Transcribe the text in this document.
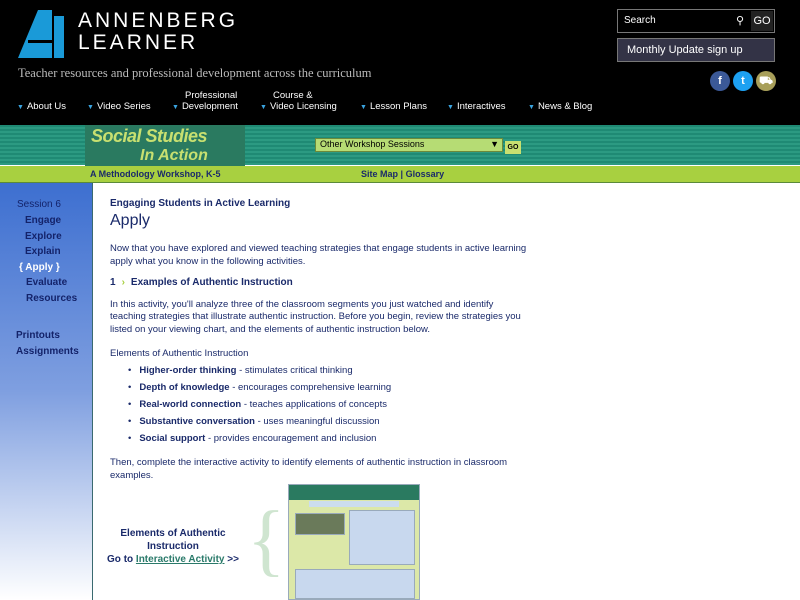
ANNENBERG
LEARNER
Teacher resources and professional development across the curriculum
Search	⚲ GO
Monthly Update sign up
f	t	⛟
▼ About Us	▼ Video Series
Professional
▼ Development
Course &
▼ Video Licensing	▼ Lesson Plans	▼ Interactives	▼ News & Blog
Social Studies
In Action
Other Workshop Sessions	▼	GO
A Methodology Workshop, K-5	Site Map | Glossary
Session 6
Engage
Explore
Explain
{ Apply }
Evaluate
Resources
Printouts
Assignments
Engaging Students in Active Learning
Apply

Now that you have explored and viewed teaching strategies that engage students in active learning apply what you know in the following activities.

1 › Examples of Authentic Instruction

In this activity, you'll analyze three of the classroom segments you just watched and identify teaching strategies that illustrate authentic instruction. Before you begin, review the strategies you listed on your viewing chart, and the elements of authentic instruction below.

Elements of Authentic Instruction
• Higher-order thinking - stimulates critical thinking
• Depth of knowledge - encourages comprehensive learning
• Real-world connection - teaches applications of concepts
• Substantive conversation - uses meaningful discussion
• Social support - provides encouragement and inclusion

Then, complete the interactive activity to identify elements of authentic instruction in classroom examples.

Elements of Authentic Instruction
Go to Interactive Activity >> {
